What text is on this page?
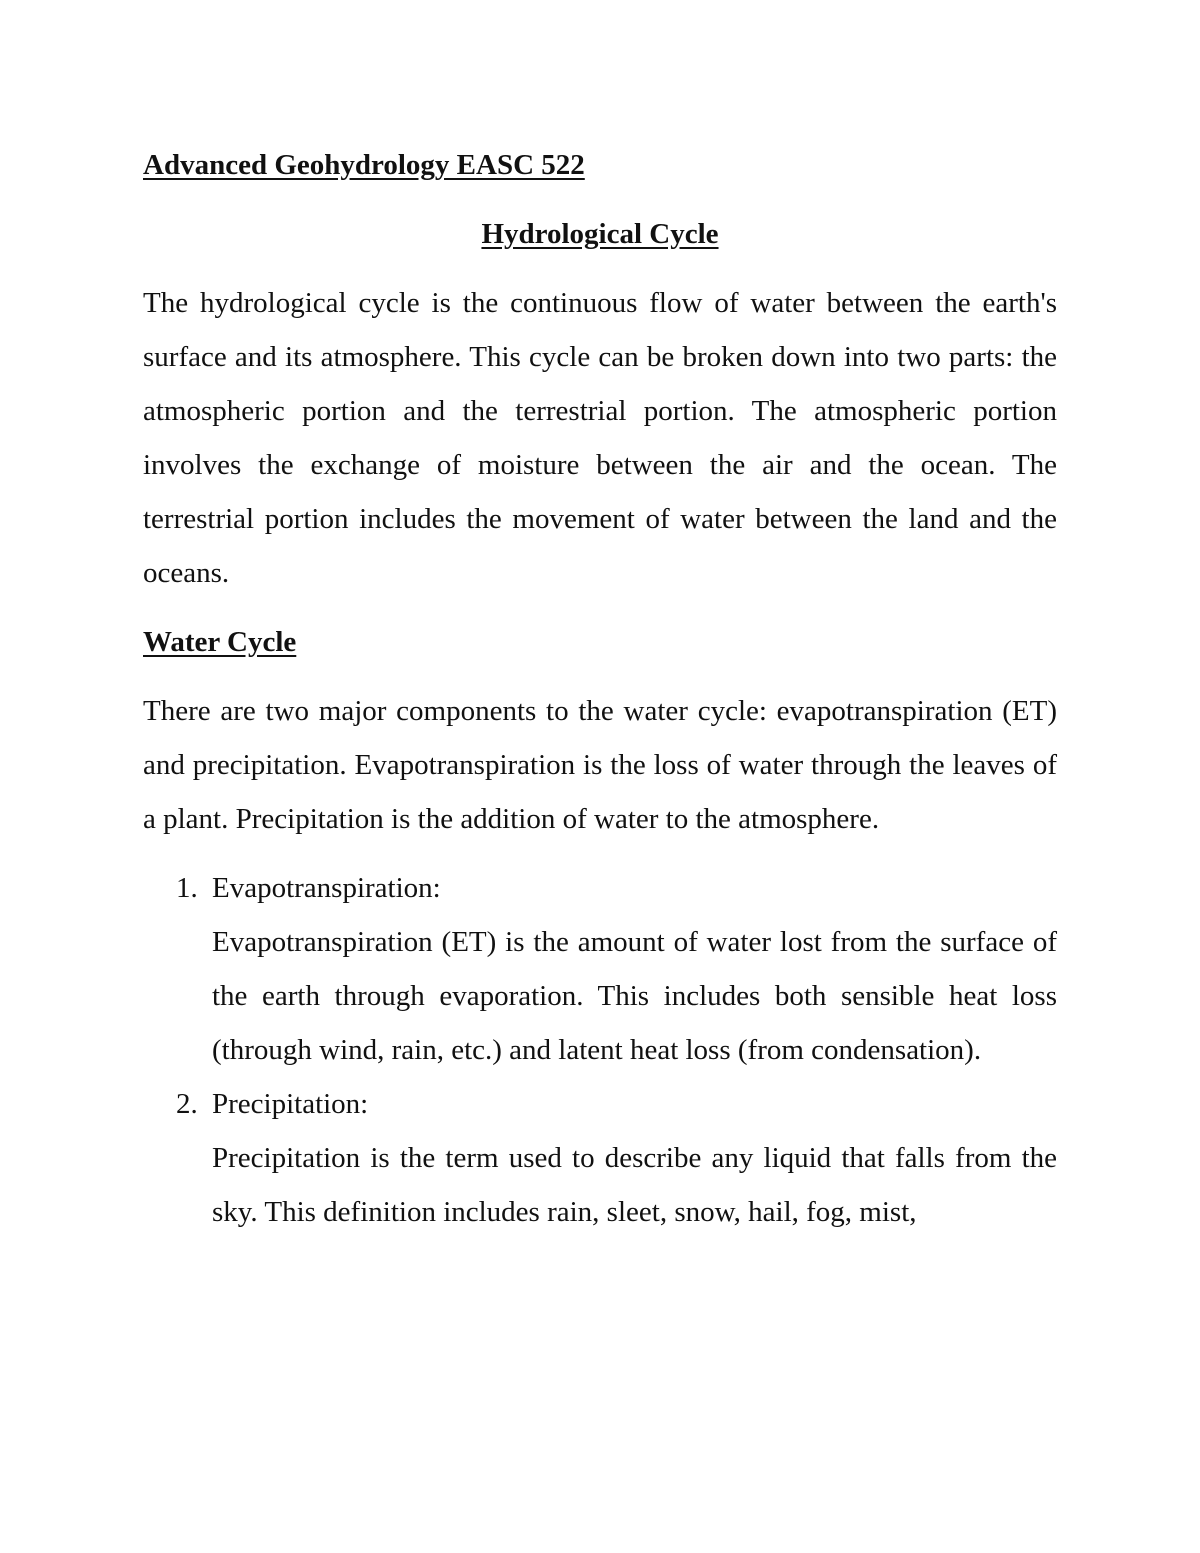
Advanced Geohydrology EASC 522

Hydrological Cycle

The hydrological cycle is the continuous flow of water between the earth's surface and its atmosphere. This cycle can be broken down into two parts: the atmospheric portion and the terrestrial portion. The atmospheric portion involves the exchange of moisture between the air and the ocean. The terrestrial portion includes the movement of water between the land and the oceans.

Water Cycle

There are two major components to the water cycle: evapotranspiration (ET) and precipitation. Evapotranspiration is the loss of water through the leaves of a plant. Precipitation is the addition of water to the atmosphere.

1. Evapotranspiration:

Evapotranspiration (ET) is the amount of water lost from the surface of the earth through evaporation. This includes both sensible heat loss (through wind, rain, etc.) and latent heat loss (from condensation).

2. Precipitation:

Precipitation is the term used to describe any liquid that falls from the sky. This definition includes rain, sleet, snow, hail, fog, mist,
